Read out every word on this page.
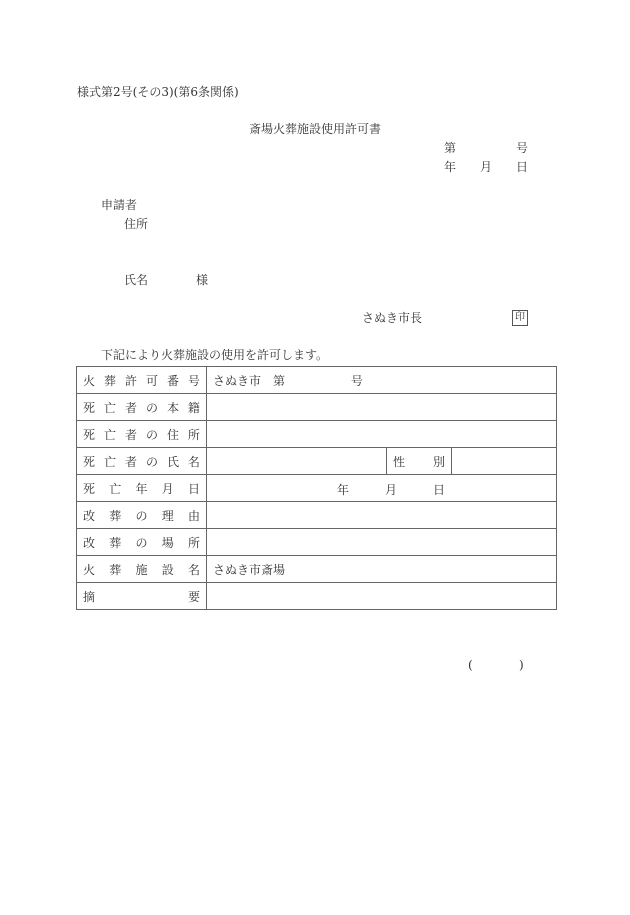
様式第2号(その3)(第6条関係)
斎場火葬施設使用許可書
第	号
年 月 日
申請者
住所
氏名	様
さぬき市長	印
下記により火葬施設の使用を許可します。
火 葬 許 可 番 号	さぬき市　第	号

死 亡 者 の 本 籍

死 亡 者 の 住 所

死 亡 者 の 氏 名		性 別

死 亡 年 月 日	年 月 日		

改 葬 の 理 由			

改 葬 の 場 所			

火 葬 施 設 名	さぬき市斎場		

摘 要			

(	)
